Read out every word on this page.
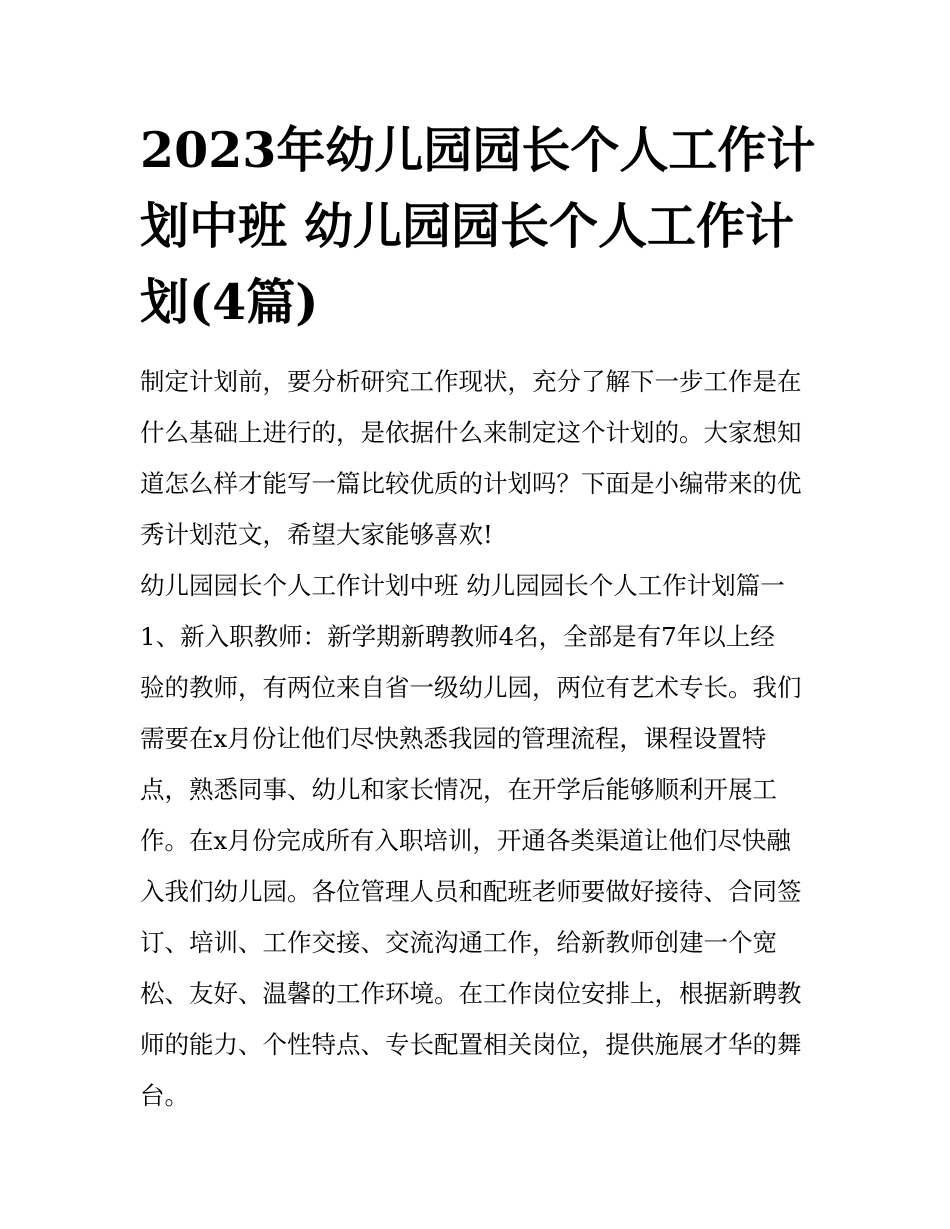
2023年幼儿园园长个人工作计
划中班 幼儿园园长个人工作计
划(4篇)
制定计划前，要分析研究工作现状，充分了解下一步工作是在
什么基础上进行的，是依据什么来制定这个计划的。大家想知
道怎么样才能写一篇比较优质的计划吗？下面是小编带来的优
秀计划范文，希望大家能够喜欢!
幼儿园园长个人工作计划中班 幼儿园园长个人工作计划篇一
1、新入职教师：新学期新聘教师4名，全部是有7年以上经
验的教师，有两位来自省一级幼儿园，两位有艺术专长。我们
需要在x月份让他们尽快熟悉我园的管理流程，课程设置特
点，熟悉同事、幼儿和家长情况，在开学后能够顺利开展工
作。在x月份完成所有入职培训，开通各类渠道让他们尽快融
入我们幼儿园。各位管理人员和配班老师要做好接待、合同签
订、培训、工作交接、交流沟通工作，给新教师创建一个宽
松、友好、温馨的工作环境。在工作岗位安排上，根据新聘教
师的能力、个性特点、专长配置相关岗位，提供施展才华的舞
台。
